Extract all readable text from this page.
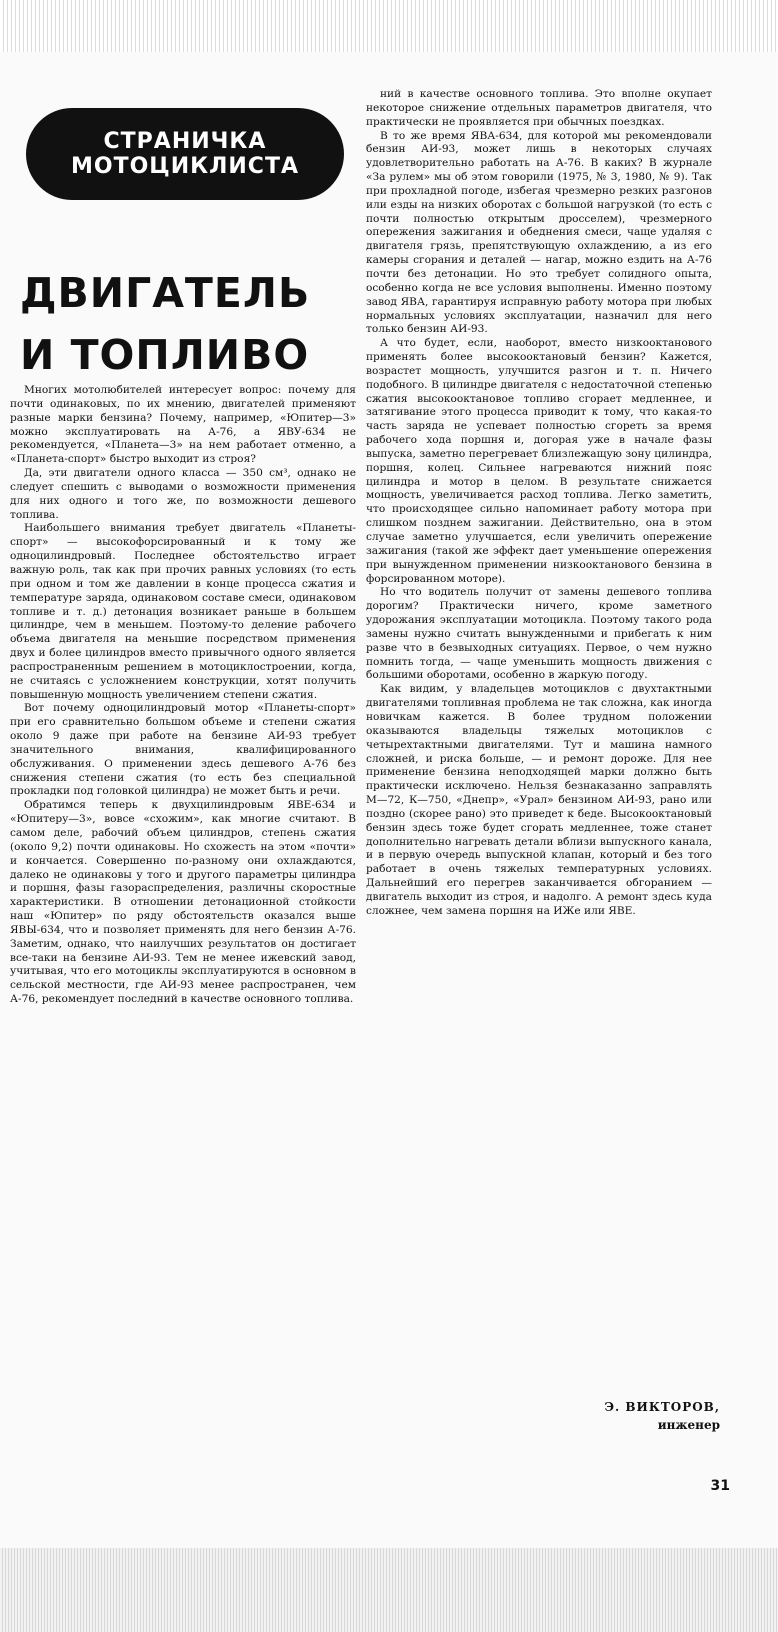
СТРАНИЧКА
МОТОЦИКЛИСТА
ДВИГАТЕЛЬ
И ТОПЛИВО

Многих мотолюбителей интересует вопрос: почему для почти одинаковых, по их мнению, двигателей применяют разные марки бензина? Почему, например, «Юпитер—3» можно эксплуатировать на А-76, а ЯВУ-634 не рекомендуется, «Планета—3» на нем работает отменно, а «Планета-спорт» быстро выходит из строя?

Да, эти двигатели одного класса — 350 см³, однако не следует спешить с выводами о возможности применения для них одного и того же, по возможности дешевого топлива.

Наибольшего внимания требует двигатель «Планеты-спорт» — высокофорсированный и к тому же одноцилиндровый. Последнее обстоятельство играет важную роль, так как при прочих равных условиях (то есть при одном и том же давлении в конце процесса сжатия и температуре заряда, одинаковом составе смеси, одинаковом топливе и т. д.) детонация возникает раньше в большем цилиндре, чем в меньшем. Поэтому-то деление рабочего объема двигателя на меньшие посредством применения двух и более цилиндров вместо привычного одного является распространенным решением в мотоциклостроении, когда, не считаясь с усложнением конструкции, хотят получить повышенную мощность увеличением степени сжатия.

Вот почему одноцилиндровый мотор «Планеты-спорт» при его сравнительно большом объеме и степени сжатия около 9 даже при работе на бензине АИ-93 требует значительного внимания, квалифицированного обслуживания. О применении здесь дешевого А-76 без снижения степени сжатия (то есть без специальной прокладки под головкой цилиндра) не может быть и речи.

Обратимся теперь к двухцилиндровым ЯВЕ-634 и «Юпитеру—3», вовсе «схожим», как многие считают. В самом деле, рабочий объем цилиндров, степень сжатия (около 9,2) почти одинаковы. Но схожесть на этом «почти» и кончается. Совершенно по-разному они охлаждаются, далеко не одинаковы у того и другого параметры цилиндра и поршня, фазы газораспределения, различны скоростные характеристики. В отношении детонационной стойкости наш «Юпитер» по ряду обстоятельств оказался выше ЯВЫ-634, что и позволяет применять для него бензин А-76. Заметим, однако, что наилучших результатов он достигает все-таки на бензине АИ-93. Тем не менее ижевский завод, учитывая, что его мотоциклы эксплуатируются в основном в сельской местности, где АИ-93 менее распространен, чем А-76, рекомендует последний в качестве основного топлива.

ний в качестве основного топлива. Это вполне окупает некоторое снижение отдельных параметров двигателя, что практически не проявляется при обычных поездках.

В то же время ЯВА-634, для которой мы рекомендовали бензин АИ-93, может лишь в некоторых случаях удовлетворительно работать на А-76. В каких? В журнале «За рулем» мы об этом говорили (1975, № 3, 1980, № 9). Так при прохладной погоде, избегая чрезмерно резких разгонов или езды на низких оборотах с большой нагрузкой (то есть с почти полностью открытым дросселем), чрезмерного опережения зажигания и обеднения смеси, чаще удаляя с двигателя грязь, препятствующую охлаждению, а из его камеры сгорания и деталей — нагар, можно ездить на А-76 почти без детонации. Но это требует солидного опыта, особенно когда не все условия выполнены. Именно поэтому завод ЯВА, гарантируя исправную работу мотора при любых нормальных условиях эксплуатации, назначил для него только бензин АИ-93.

А что будет, если, наоборот, вместо низкооктанового применять более высокооктановый бензин? Кажется, возрастет мощность, улучшится разгон и т. п. Ничего подобного. В цилиндре двигателя с недостаточной степенью сжатия высокооктановое топливо сгорает медленнее, и затягивание этого процесса приводит к тому, что какая-то часть заряда не успевает полностью сгореть за время рабочего хода поршня и, догорая уже в начале фазы выпуска, заметно перегревает близлежащую зону цилиндра, поршня, колец. Сильнее нагреваются нижний пояс цилиндра и мотор в целом. В результате снижается мощность, увеличивается расход топлива. Легко заметить, что происходящее сильно напоминает работу мотора при слишком позднем зажигании. Действительно, она в этом случае заметно улучшается, если увеличить опережение зажигания (такой же эффект дает уменьшение опережения при вынужденном применении низкооктанового бензина в форсированном моторе).

Но что водитель получит от замены дешевого топлива дорогим? Практически ничего, кроме заметного удорожания эксплуатации мотоцикла. Поэтому такого рода замены нужно считать вынужденными и прибегать к ним разве что в безвыходных ситуациях. Первое, о чем нужно помнить тогда, — чаще уменьшить мощность движения с большими оборотами, особенно в жаркую погоду.

Как видим, у владельцев мотоциклов с двухтактными двигателями топливная проблема не так сложна, как иногда новичкам кажется. В более трудном положении оказываются владельцы тяжелых мотоциклов с четырехтактными двигателями. Тут и машина намного сложней, и риска больше, — и ремонт дороже. Для нее применение бензина неподходящей марки должно быть практически исключено. Нельзя безнаказанно заправлять М—72, К—750, «Днепр», «Урал» бензином АИ-93, рано или поздно (скорее рано) это приведет к беде. Высокооктановый бензин здесь тоже будет сгорать медленнее, тоже станет дополнительно нагревать детали вблизи выпускного канала, и в первую очередь выпускной клапан, который и без того работает в очень тяжелых температурных условиях. Дальнейший его перегрев заканчивается обгоранием — двигатель выходит из строя, и надолго. А ремонт здесь куда сложнее, чем замена поршня на ИЖе или ЯВЕ.

Э. ВИКТОРОВ,
инженер
31
